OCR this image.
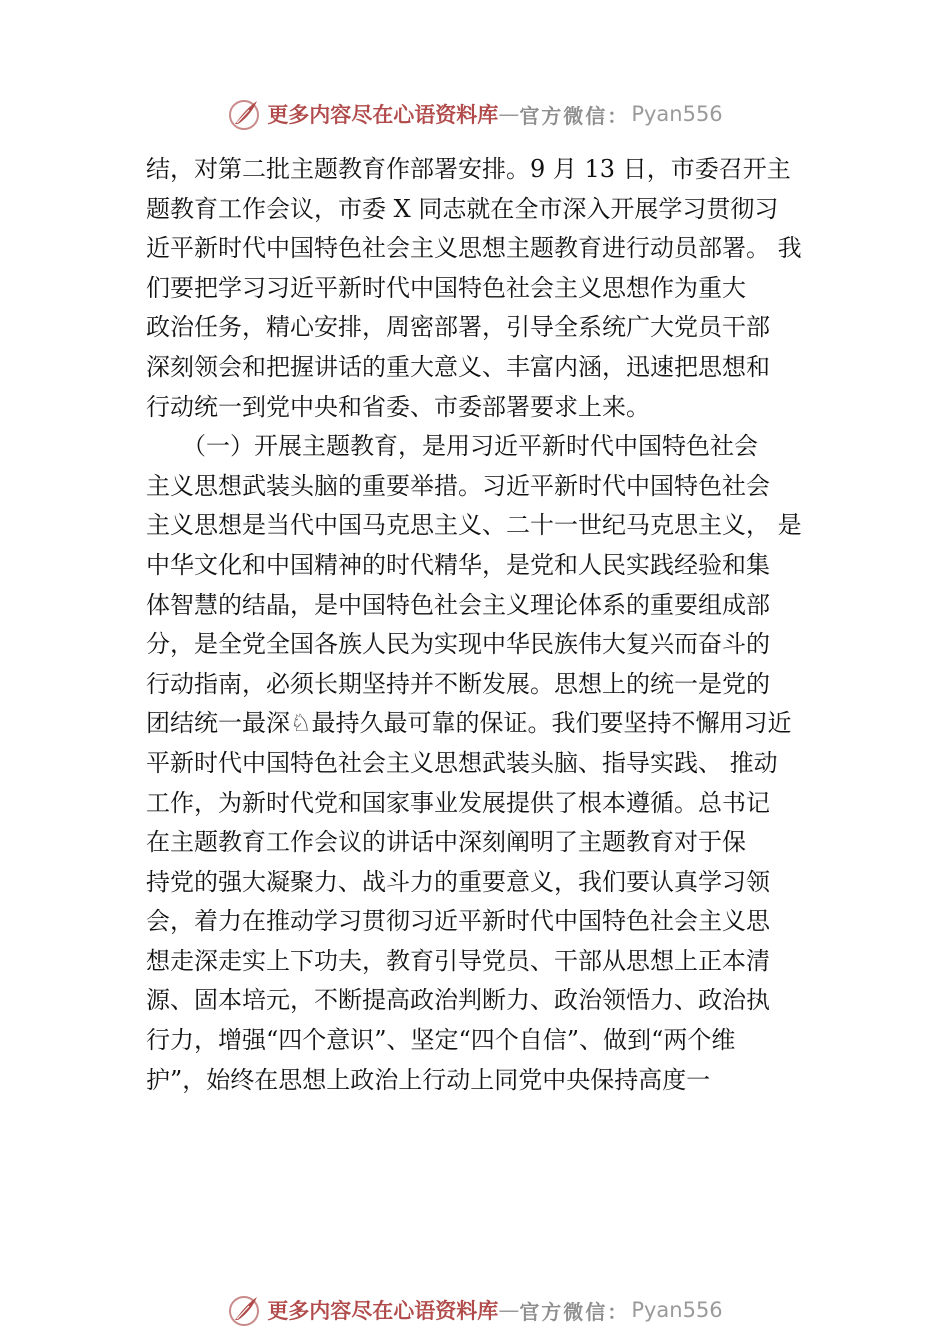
更多内容尽在心语资料库 — 官方微信： Pyan556
结，对第二批主题教育作部署安排。9 月 13 日，市委召开主
题教育工作会议，市委 X 同志就在全市深入开展学习贯彻习
近平新时代中国特色社会主义思想主题教育进行动员部署。 我
们要把学习习近平新时代中国特色社会主义思想作为重大
政治任务，精心安排，周密部署，引导全系统广大党员干部
深刻领会和把握讲话的重大意义、丰富内涵，迅速把思想和
行动统一到党中央和省委、市委部署要求上来。
　　（一）开展主题教育，是用习近平新时代中国特色社会
主义思想武装头脑的重要举措。习近平新时代中国特色社会
主义思想是当代中国马克思主义、二十一世纪马克思主义， 是
中华文化和中国精神的时代精华，是党和人民实践经验和集
体智慧的结晶，是中国特色社会主义理论体系的重要组成部
分，是全党全国各族人民为实现中华民族伟大复兴而奋斗的
行动指南，必须长期坚持并不断发展。思想上的统一是党的
团结统一最深♘最持久最可靠的保证。我们要坚持不懈用习近
平新时代中国特色社会主义思想武装头脑、指导实践、 推动
工作，为新时代党和国家事业发展提供了根本遵循。总书记
在主题教育工作会议的讲话中深刻阐明了主题教育对于保
持党的强大凝聚力、战斗力的重要意义，我们要认真学习领
会，着力在推动学习贯彻习近平新时代中国特色社会主义思
想走深走实上下功夫，教育引导党员、干部从思想上正本清
源、固本培元，不断提高政治判断力、政治领悟力、政治执
行力，增强“四个意识”、坚定“四个自信”、做到“两个维
护”，始终在思想上政治上行动上同党中央保持高度一
更多内容尽在心语资料库 — 官方微信： Pyan556
